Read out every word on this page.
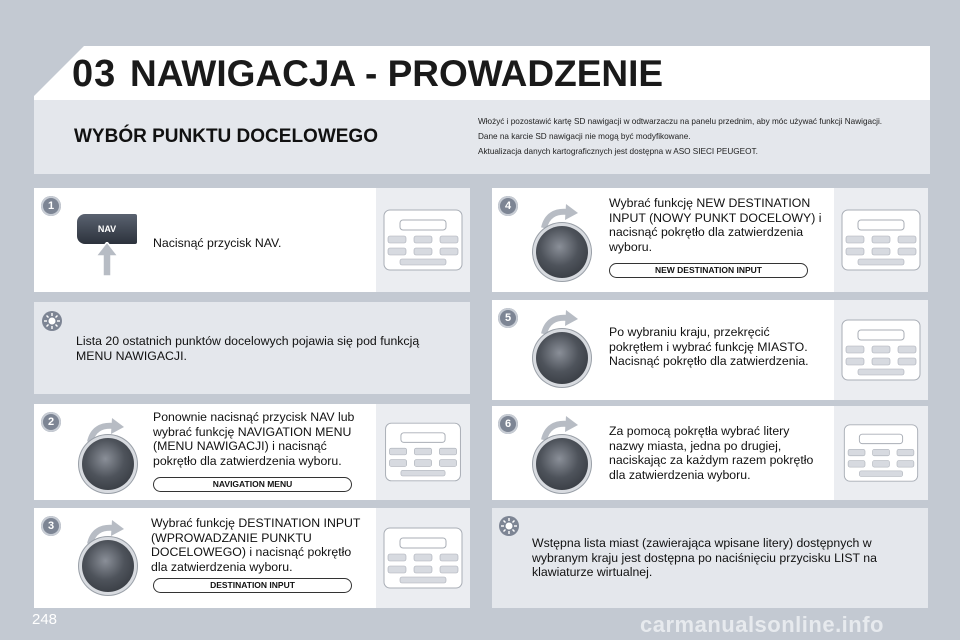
03 NAWIGACJA - PROWADZENIE
WYBÓR PUNKTU DOCELOWEGO
Włożyć i pozostawić kartę SD nawigacji w odtwarzaczu na panelu przednim, aby móc używać funkcji Nawigacji.
Dane na karcie SD nawigacji nie mogą być modyfikowane.
Aktualizacja danych kartograficznych jest dostępna w ASO SIECI PEUGEOT.
1
NAV
Nacisnąć przycisk NAV.
Lista 20 ostatnich punktów docelowych pojawia się pod funkcją MENU NAWIGACJI.
2	Ponownie nacisnąć przycisk NAV lub wybrać funkcję NAVIGATION MENU (MENU NAWIGACJI) i nacisnąć pokrętło dla zatwierdzenia wyboru.
NAVIGATION MENU
3	Wybrać funkcję DESTINATION INPUT (WPROWADZANIE PUNKTU DOCELOWEGO) i nacisnąć pokrętło dla zatwierdzenia wyboru.
DESTINATION INPUT
4	Wybrać funkcję NEW DESTINATION INPUT (NOWY PUNKT DOCELOWY) i nacisnąć pokrętło dla zatwierdzenia wyboru.
NEW DESTINATION INPUT
5
Po wybraniu kraju, przekręcić pokrętłem i wybrać funkcję MIASTO. Nacisnąć pokrętło dla zatwierdzenia.
6	Za pomocą pokrętła wybrać litery nazwy miasta, jedna po drugiej, naciskając za każdym razem pokrętło dla zatwierdzenia wyboru.
Wstępna lista miast (zawierająca wpisane litery) dostępnych w wybranym kraju jest dostępna po naciśnięciu przycisku LIST na klawiaturze wirtualnej.
248	carmanualsonline.info
